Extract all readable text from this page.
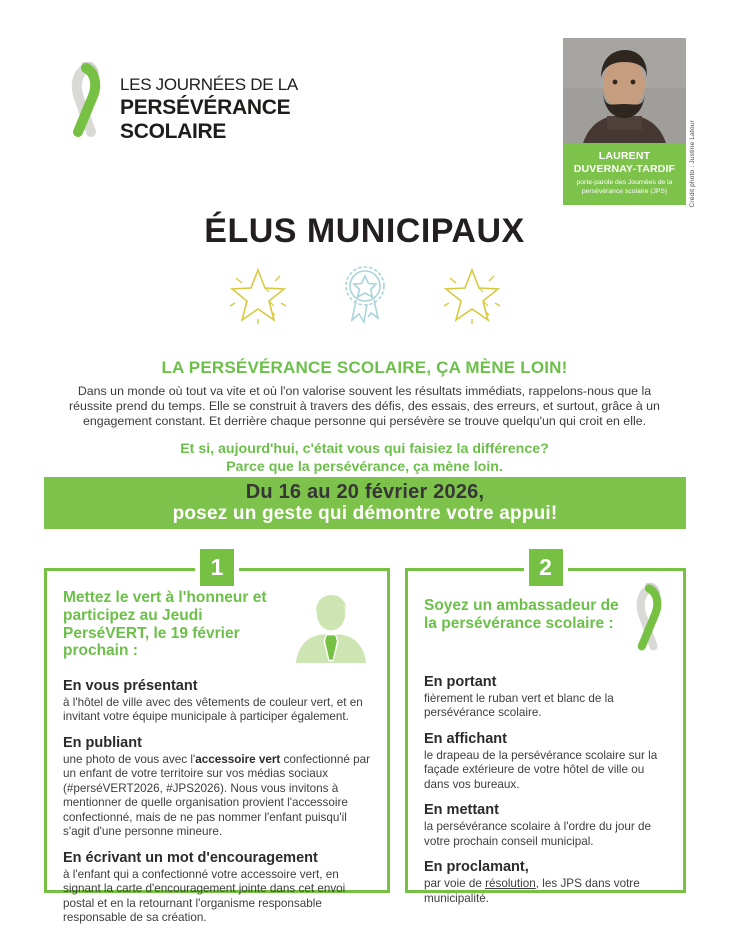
LES JOURNÉES DE LA
PERSÉVÉRANCE
SCOLAIRE
LAURENT
DUVERNAY-TARDIF
porte-parole des Journées de la
persévérance scolaire (JPS)	Crédit photo : Justine Latour
ÉLUS MUNICIPAUX
LA PERSÉVÉRANCE SCOLAIRE, ÇA MÈNE LOIN!
Dans un monde où tout va vite et où l'on valorise souvent les résultats immédiats, rappelons-nous que la réussite prend du temps. Elle se construit à travers des défis, des essais, des erreurs, et surtout, grâce à un engagement constant. Et derrière chaque personne qui persévère se trouve quelqu'un qui croit en elle.
Et si, aujourd'hui, c'était vous qui faisiez la différence?
Parce que la persévérance, ça mène loin.
Du 16 au 20 février 2026,
posez un geste qui démontre votre appui!
1
Mettez le vert à l'honneur et participez au Jeudi PerséVERT, le 19 février prochain :
En vous présentant
à l'hôtel de ville avec des vêtements de couleur vert, et en invitant votre équipe municipale à participer également.
En publiant
une photo de vous avec l'accessoire vert confectionné par un enfant de votre territoire sur vos médias sociaux (#perséVERT2026, #JPS2026). Nous vous invitons à mentionner de quelle organisation provient l'accessoire confectionné, mais de ne pas nommer l'enfant puisqu'il s'agit d'une personne mineure.
En écrivant un mot d'encouragement
à l'enfant qui a confectionné votre accessoire vert, en signant la carte d'encouragement jointe dans cet envoi postal et en la retournant l'organisme responsable responsable de sa création.
2
Soyez un ambassadeur de la persévérance scolaire :
En portant
fièrement le ruban vert et blanc de la persévérance scolaire.
En affichant
le drapeau de la persévérance scolaire sur la façade extérieure de votre hôtel de ville ou dans vos bureaux.
En mettant
la persévérance scolaire à l'ordre du jour de votre prochain conseil municipal.
En proclamant,
par voie de résolution, les JPS dans votre municipalité.
